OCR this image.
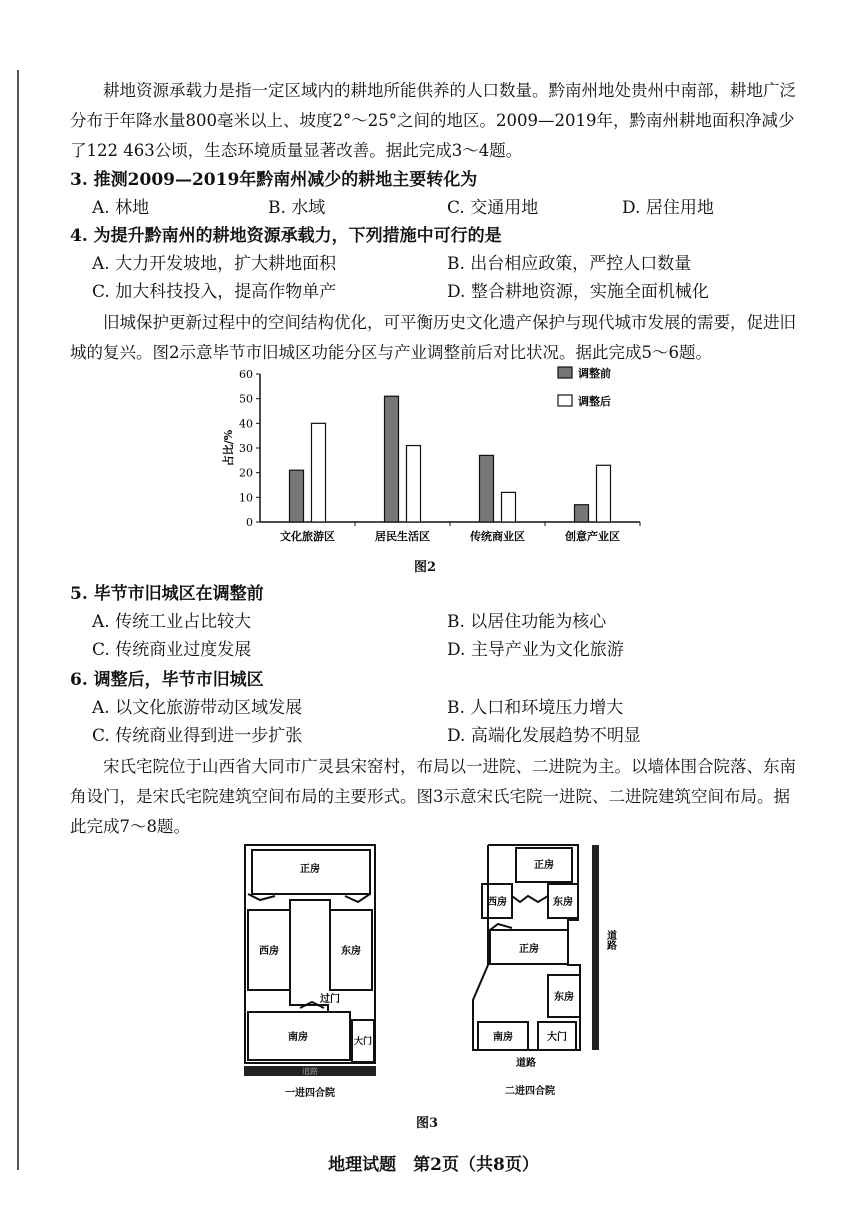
耕地资源承载力是指一定区域内的耕地所能供养的人口数量。黔南州地处贵州中南部，耕地广泛分布于年降水量800毫米以上、坡度2°～25°之间的地区。2009—2019年，黔南州耕地面积净减少了122 463公顷，生态环境质量显著改善。据此完成3～4题。

3. 推测2009—2019年黔南州减少的耕地主要转化为
A. 林地	B. 水域	C. 交通用地	D. 居住用地
4. 为提升黔南州的耕地资源承载力，下列措施中可行的是
A. 大力开发坡地，扩大耕地面积	B. 出台相应政策，严控人口数量
C. 加大科技投入，提高作物单产	D. 整合耕地资源，实施全面机械化

旧城保护更新过程中的空间结构优化，可平衡历史文化遗产保护与现代城市发展的需要，促进旧城的复兴。图2示意毕节市旧城区功能分区与产业调整前后对比状况。据此完成5～6题。

0
10
20
30
40
50
60
占比/%
文化旅游区	居民生活区	传统商业区	创意产业区
调整前
调整后
图2
5. 毕节市旧城区在调整前
A. 传统工业占比较大	B. 以居住功能为核心
C. 传统商业过度发展	D. 主导产业为文化旅游
6. 调整后，毕节市旧城区
A. 以文化旅游带动区域发展	B. 人口和环境压力增大
C. 传统商业得到进一步扩张	D. 高端化发展趋势不明显

宋氏宅院位于山西省大同市广灵县宋窑村，布局以一进院、二进院为主。以墙体围合院落、东南角设门，是宋氏宅院建筑空间布局的主要形式。图3示意宋氏宅院一进院、二进院建筑空间布局。据此完成7～8题。

正房
西房	东房
过门
南房	大门
道路
一进四合院
正房
西房	东房
正房
东房
南房	大门
道路
道路
二进四合院
图3
地理试题　第2页（共8页）
